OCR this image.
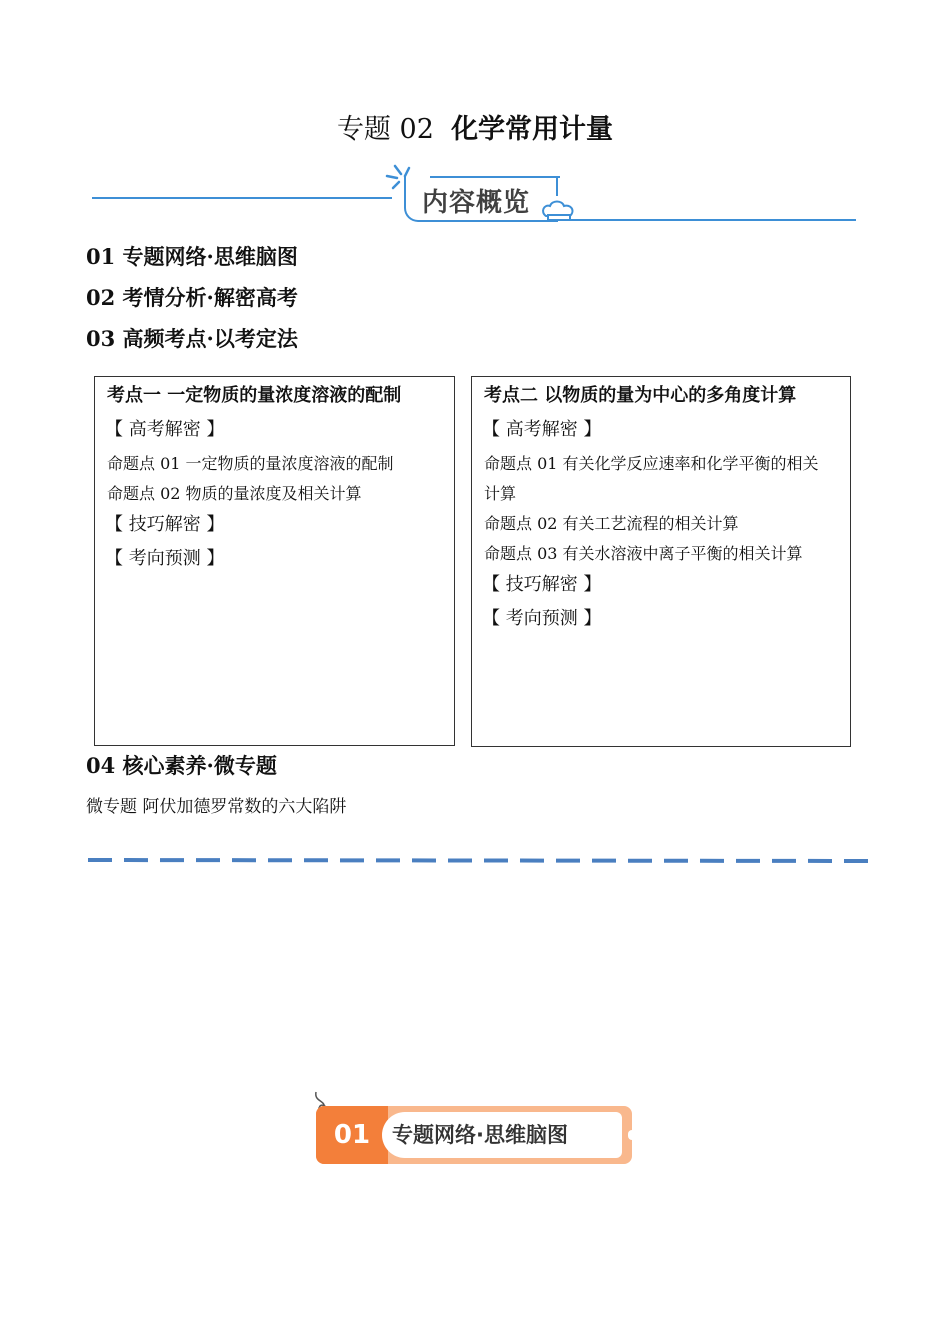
专题 02 化学常用计量
内容概览
01 专题网络·思维脑图
02 考情分析·解密高考
03 高频考点·以考定法
考点一 一定物质的量浓度溶液的配制
【 高考解密 】
命题点 01 一定物质的量浓度溶液的配制
命题点 02 物质的量浓度及相关计算
【 技巧解密 】
【 考向预测 】
考点二 以物质的量为中心的多角度计算
【 高考解密 】
命题点 01 有关化学反应速率和化学平衡的相关
计算
命题点 02 有关工艺流程的相关计算
命题点 03 有关水溶液中离子平衡的相关计算
【 技巧解密 】
【 考向预测 】
04 核心素养·微专题
微专题 阿伏加德罗常数的六大陷阱
01	专题网络·思维脑图
